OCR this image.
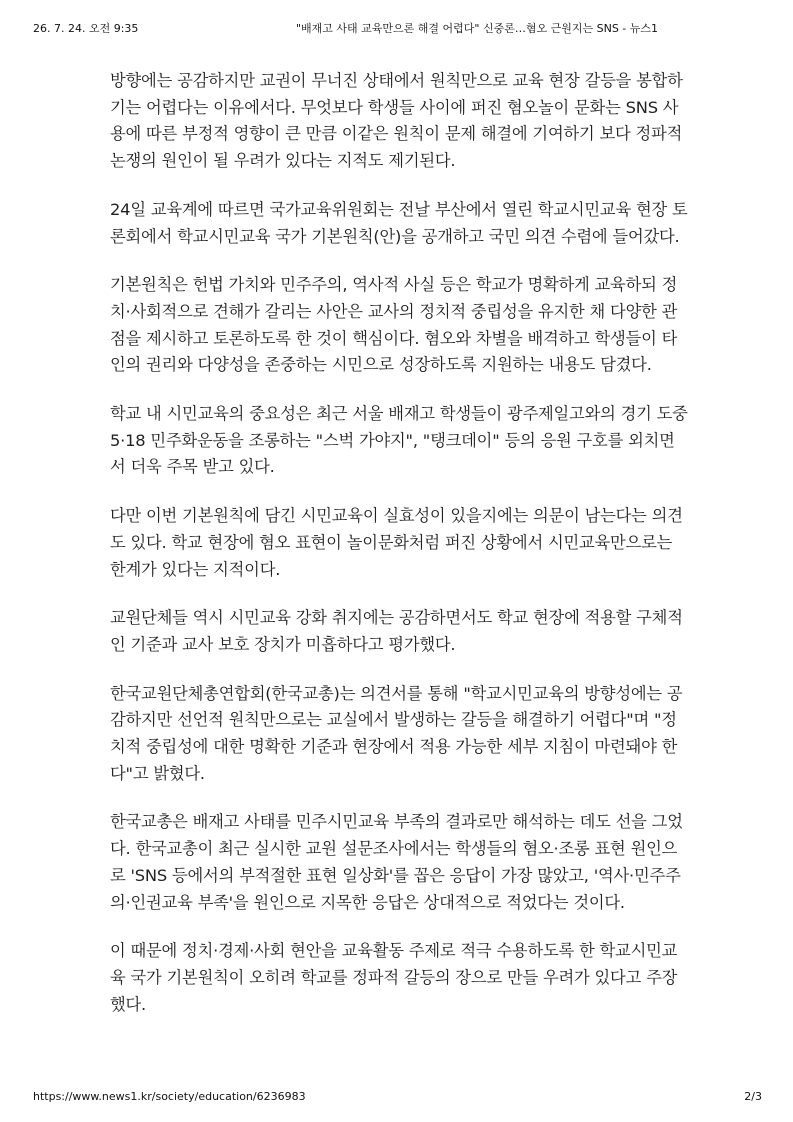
26. 7. 24. 오전 9:35	"배재고 사태 교육만으론 해결 어렵다" 신중론…혐오 근원지는 SNS - 뉴스1

방향에는 공감하지만 교권이 무너진 상태에서 원칙만으로 교육 현장 갈등을 봉합하기는 어렵다는 이유에서다. 무엇보다 학생들 사이에 퍼진 혐오놀이 문화는 SNS 사용에 따른 부정적 영향이 큰 만큼 이같은 원칙이 문제 해결에 기여하기 보다 정파적 논쟁의 원인이 될 우려가 있다는 지적도 제기된다.

24일 교육계에 따르면 국가교육위원회는 전날 부산에서 열린 학교시민교육 현장 토론회에서 학교시민교육 국가 기본원칙(안)을 공개하고 국민 의견 수렴에 들어갔다.

기본원칙은 헌법 가치와 민주주의, 역사적 사실 등은 학교가 명확하게 교육하되 정치·사회적으로 견해가 갈리는 사안은 교사의 정치적 중립성을 유지한 채 다양한 관점을 제시하고 토론하도록 한 것이 핵심이다. 혐오와 차별을 배격하고 학생들이 타인의 권리와 다양성을 존중하는 시민으로 성장하도록 지원하는 내용도 담겼다.

학교 내 시민교육의 중요성은 최근 서울 배재고 학생들이 광주제일고와의 경기 도중 5·18 민주화운동을 조롱하는 "스벅 가야지", "탱크데이" 등의 응원 구호를 외치면서 더욱 주목 받고 있다.

다만 이번 기본원칙에 담긴 시민교육이 실효성이 있을지에는 의문이 남는다는 의견도 있다. 학교 현장에 혐오 표현이 놀이문화처럼 퍼진 상황에서 시민교육만으로는 한계가 있다는 지적이다.

교원단체들 역시 시민교육 강화 취지에는 공감하면서도 학교 현장에 적용할 구체적인 기준과 교사 보호 장치가 미흡하다고 평가했다.

한국교원단체총연합회(한국교총)는 의견서를 통해 "학교시민교육의 방향성에는 공감하지만 선언적 원칙만으로는 교실에서 발생하는 갈등을 해결하기 어렵다"며 "정치적 중립성에 대한 명확한 기준과 현장에서 적용 가능한 세부 지침이 마련돼야 한다"고 밝혔다.

한국교총은 배재고 사태를 민주시민교육 부족의 결과로만 해석하는 데도 선을 그었다. 한국교총이 최근 실시한 교원 설문조사에서는 학생들의 혐오·조롱 표현 원인으로 'SNS 등에서의 부적절한 표현 일상화'를 꼽은 응답이 가장 많았고, '역사·민주주의·인권교육 부족'을 원인으로 지목한 응답은 상대적으로 적었다는 것이다.

이 때문에 정치·경제·사회 현안을 교육활동 주제로 적극 수용하도록 한 학교시민교육 국가 기본원칙이 오히려 학교를 정파적 갈등의 장으로 만들 우려가 있다고 주장했다.

https://www.news1.kr/society/education/6236983	2/3
